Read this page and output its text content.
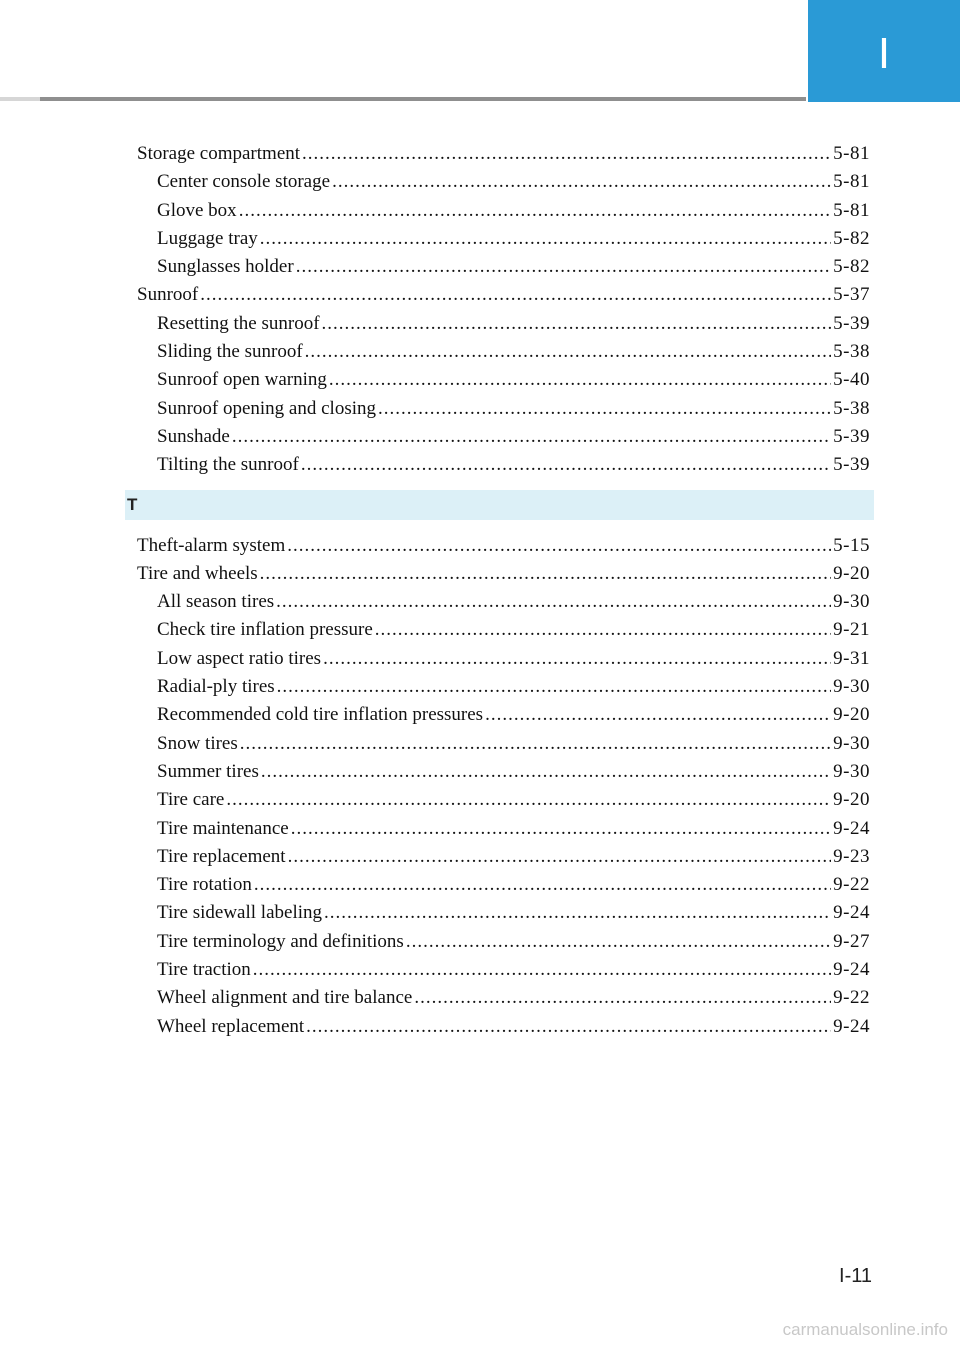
I
Storage compartment .....	5-81
Center console storage .....	5-81
Glove box .....	5-81
Luggage tray .....	5-82
Sunglasses holder .....	5-82
Sunroof .....	5-37
Resetting the sunroof .....	5-39
Sliding the sunroof .....	5-38
Sunroof open warning .....	5-40
Sunroof opening and closing .....	5-38
Sunshade .....	5-39
Tilting the sunroof .....	5-39
T
Theft-alarm system .....	5-15
Tire and wheels .....	9-20
All season tires .....	9-30
Check tire inflation pressure .....	9-21
Low aspect ratio tires .....	9-31
Radial-ply tires .....	9-30
Recommended cold tire inflation pressures .....	9-20
Snow tires .....	9-30
Summer tires .....	9-30
Tire care .....	9-20
Tire maintenance .....	9-24
Tire replacement .....	9-23
Tire rotation .....	9-22
Tire sidewall labeling .....	9-24
Tire terminology and definitions .....	9-27
Tire traction .....	9-24
Wheel alignment and tire balance .....	9-22
Wheel replacement .....	9-24
I-11
carmanualsonline.info
